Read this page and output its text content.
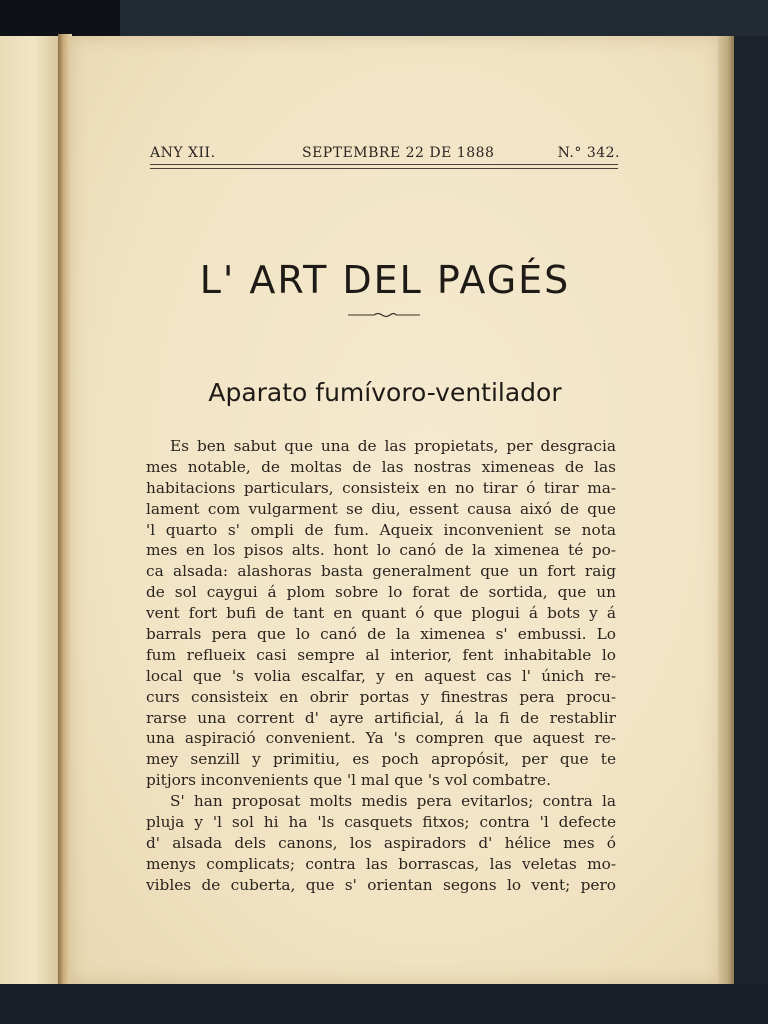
ANY XII.	SEPTEMBRE 22 DE 1888	N.° 342.
L' ART DEL PAGÉS
Aparato fumívoro-ventilador
Es ben sabut que una de las propietats, per desgracia
mes notable, de moltas de las nostras ximeneas de las
habitacions particulars, consisteix en no tirar ó tirar ma-
lament com vulgarment se diu, essent causa aixó de que
'l quarto s' ompli de fum. Aqueix inconvenient se nota
mes en los pisos alts. hont lo canó de la ximenea té po-
ca alsada: alashoras basta generalment que un fort raig
de sol caygui á plom sobre lo forat de sortida, que un
vent fort bufi de tant en quant ó que plogui á bots y á
barrals pera que lo canó de la ximenea s' embussi. Lo
fum reflueix casi sempre al interior, fent inhabitable lo
local que 's volia escalfar, y en aquest cas l' únich re-
curs consisteix en obrir portas y finestras pera procu-
rarse una corrent d' ayre artificial, á la fi de restablir
una aspiració convenient. Ya 's compren que aquest re-
mey senzill y primitiu, es poch apropósit, per que te
pitjors inconvenients que 'l mal que 's vol combatre.
S' han proposat molts medis pera evitarlos; contra la
pluja y 'l sol hi ha 'ls casquets fitxos; contra 'l defecte
d' alsada dels canons, los aspiradors d' hélice mes ó
menys complicats; contra las borrascas, las veletas mo-
vibles de cuberta, que s' orientan segons lo vent; pero
